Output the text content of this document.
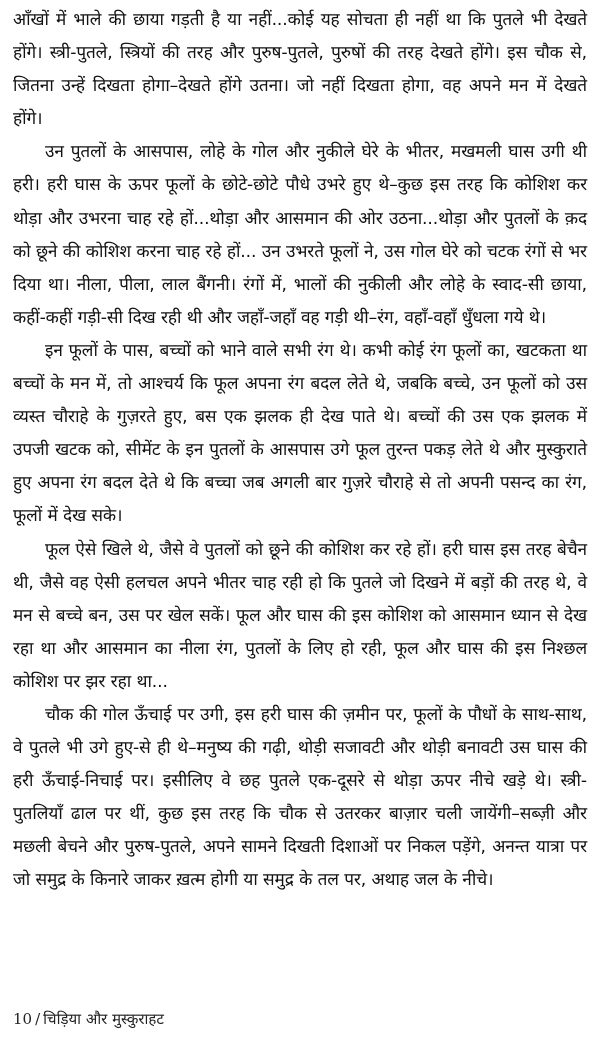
आँखों में भाले की छाया गड़ती है या नहीं...कोई यह सोचता ही नहीं था कि पुतले भी देखते होंगे। स्त्री-पुतले, स्त्रियों की तरह और पुरुष-पुतले, पुरुषों की तरह देखते होंगे। इस चौक से, जितना उन्हें दिखता होगा–देखते होंगे उतना। जो नहीं दिखता होगा, वह अपने मन में देखते होंगे।

उन पुतलों के आसपास, लोहे के गोल और नुकीले घेरे के भीतर, मखमली घास उगी थी हरी। हरी घास के ऊपर फूलों के छोटे-छोटे पौधे उभरे हुए थे–कुछ इस तरह कि कोशिश कर थोड़ा और उभरना चाह रहे हों...थोड़ा और आसमान की ओर उठना...थोड़ा और पुतलों के क़द को छूने की कोशिश करना चाह रहे हों... उन उभरते फूलों ने, उस गोल घेरे को चटक रंगों से भर दिया था। नीला, पीला, लाल बैंगनी। रंगों में, भालों की नुकीली और लोहे के स्वाद-सी छाया, कहीं-कहीं गड़ी-सी दिख रही थी और जहाँ-जहाँ वह गड़ी थी–रंग, वहाँ-वहाँ धुँधला गये थे।

इन फूलों के पास, बच्चों को भाने वाले सभी रंग थे। कभी कोई रंग फूलों का, खटकता था बच्चों के मन में, तो आश्चर्य कि फूल अपना रंग बदल लेते थे, जबकि बच्चे, उन फूलों को उस व्यस्त चौराहे के गुज़रते हुए, बस एक झलक ही देख पाते थे। बच्चों की उस एक झलक में उपजी खटक को, सीमेंट के इन पुतलों के आसपास उगे फूल तुरन्त पकड़ लेते थे और मुस्कुराते हुए अपना रंग बदल देते थे कि बच्चा जब अगली बार गुज़रे चौराहे से तो अपनी पसन्द का रंग, फूलों में देख सके।

फूल ऐसे खिले थे, जैसे वे पुतलों को छूने की कोशिश कर रहे हों। हरी घास इस तरह बेचैन थी, जैसे वह ऐसी हलचल अपने भीतर चाह रही हो कि पुतले जो दिखने में बड़ों की तरह थे, वे मन से बच्चे बन, उस पर खेल सकें। फूल और घास की इस कोशिश को आसमान ध्यान से देख रहा था और आसमान का नीला रंग, पुतलों के लिए हो रही, फूल और घास की इस निश्छल कोशिश पर झर रहा था...

चौक की गोल ऊँचाई पर उगी, इस हरी घास की ज़मीन पर, फूलों के पौधों के साथ-साथ, वे पुतले भी उगे हुए-से ही थे–मनुष्य की गढ़ी, थोड़ी सजावटी और थोड़ी बनावटी उस घास की हरी ऊँचाई-निचाई पर। इसीलिए वे छह पुतले एक-दूसरे से थोड़ा ऊपर नीचे खड़े थे। स्त्री-पुतलियाँ ढाल पर थीं, कुछ इस तरह कि चौक से उतरकर बाज़ार चली जायेंगी–सब्ज़ी और मछली बेचने और पुरुष-पुतले, अपने सामने दिखती दिशाओं पर निकल पड़ेंगे, अनन्त यात्रा पर जो समुद्र के किनारे जाकर ख़त्म होगी या समुद्र के तल पर, अथाह जल के नीचे।

10 / चिड़िया और मुस्कुराहट
